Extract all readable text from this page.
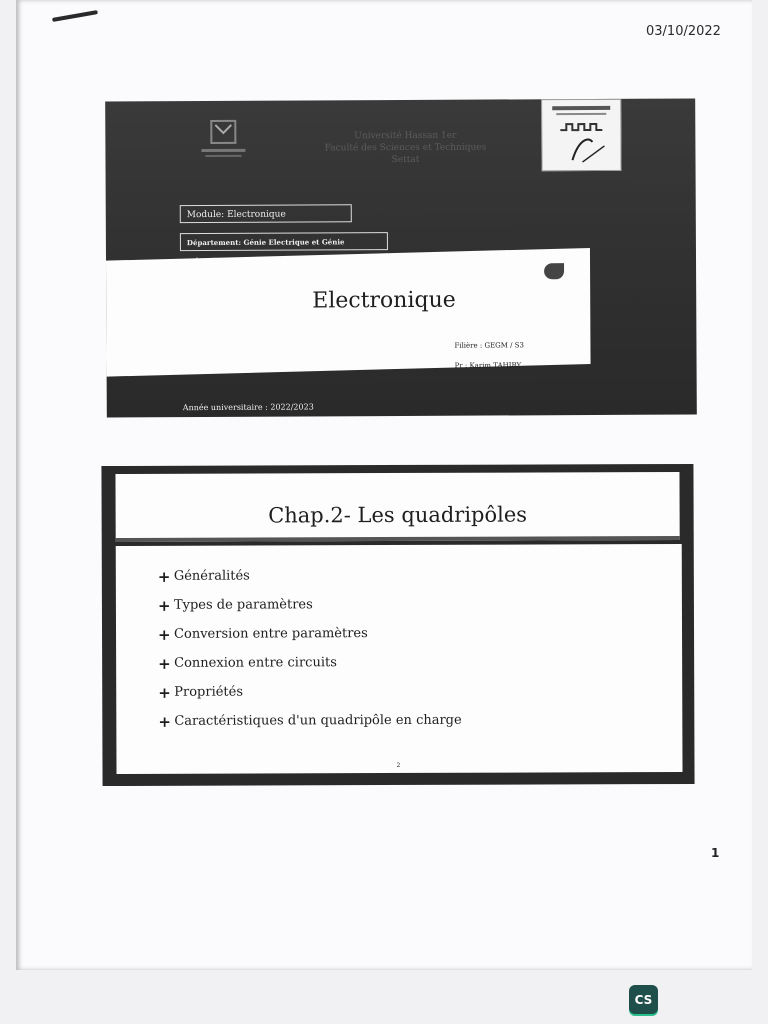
03/10/2022
Université Hassan 1er
Faculté des Sciences et Techniques
Settat
Module: Electronique
Département: Génie Electrique et Génie
Electronique
Filière : GEGM / S3
Pr : Karim TAHIRY
Année universitaire : 2022/2023
Chap.2- Les quadripôles
+ Généralités
+ Types de paramètres
+ Conversion entre paramètres
+ Connexion entre circuits
+ Propriétés
+ Caractéristiques d'un quadripôle en charge
2
1
CS
